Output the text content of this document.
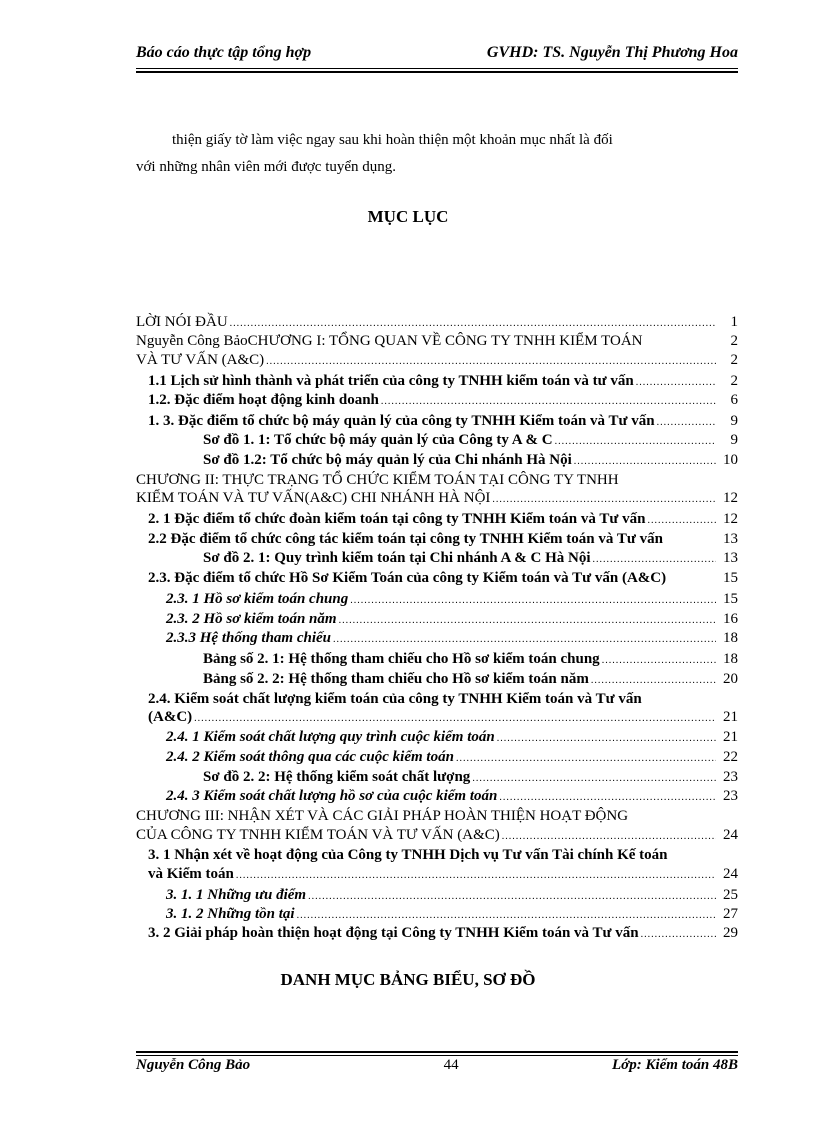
Báo cáo thực tập tổng hợp	GVHD: TS. Nguyễn Thị Phương Hoa
thiện giấy tờ làm việc ngay sau khi hoàn thiện một khoản mục nhất là đối
với những nhân viên mới được tuyển dụng.
MỤC LỤC
LỜI NÓI ĐẦU .....	1
Nguyễn Công BảoCHƯƠNG I: TỔNG QUAN VỀ CÔNG TY TNHH KIỂM TOÁN	2
VÀ TƯ VẤN (A&C) .....	2
1.1 Lịch sử hình thành và phát triển của công ty TNHH kiểm toán và tư vấn .....	2
1.2. Đặc điểm hoạt động kinh doanh .....	6
1. 3. Đặc điểm tổ chức bộ máy quản lý của công ty TNHH Kiểm toán và Tư vấn .....	9
Sơ đồ 1. 1: Tổ chức bộ máy quản lý của Công ty A & C .....	9
Sơ đồ 1.2: Tổ chức bộ máy quản lý của Chi nhánh Hà Nội .....	10
CHƯƠNG II: THỰC TRẠNG TỔ CHỨC KIỂM TOÁN TẠI CÔNG TY TNHH
KIỂM TOÁN VÀ TƯ VẤN(A&C) CHI NHÁNH HÀ NỘI .....	12
2. 1 Đặc điểm tổ chức đoàn kiểm toán tại công ty TNHH Kiểm toán và Tư vấn .....	12
2.2 Đặc điểm tổ chức công tác kiểm toán tại công ty TNHH Kiểm toán và Tư vấn	13
Sơ đồ 2. 1: Quy trình kiểm toán tại Chi nhánh A & C Hà Nội .....	13
2.3. Đặc điểm tổ chức Hồ Sơ Kiểm Toán của công ty Kiểm toán và Tư vấn (A&C)	15
2.3. 1 Hồ sơ kiểm toán chung .....	15
2.3. 2 Hồ sơ kiểm toán năm .....	16
2.3.3 Hệ thống tham chiếu .....	18
Bảng số 2. 1: Hệ thống tham chiếu cho Hồ sơ kiểm toán chung .....	18
Bảng số 2. 2: Hệ thống tham chiếu cho Hồ sơ kiểm toán năm .....	20
2.4. Kiểm soát chất lượng kiểm toán của công ty TNHH Kiểm toán và Tư vấn
(A&C) .....	21
2.4. 1 Kiểm soát chất lượng quy trình cuộc kiểm toán .....	21
2.4. 2 Kiểm soát thông qua các cuộc kiểm toán .....	22
Sơ đồ 2. 2: Hệ thống kiểm soát chất lượng .....	23
2.4. 3 Kiểm soát chất lượng hồ sơ của cuộc kiểm toán .....	23
CHƯƠNG III: NHẬN XÉT VÀ CÁC GIẢI PHÁP HOÀN THIỆN HOẠT ĐỘNG
CỦA CÔNG TY TNHH KIỂM TOÁN VÀ TƯ VẤN (A&C) .....	24
3. 1 Nhận xét về hoạt động của Công ty TNHH Dịch vụ Tư vấn Tài chính Kế toán
và Kiểm toán .....	24
3. 1. 1 Những ưu điểm .....	25
3. 1. 2 Những tồn tại .....	27
3. 2 Giải pháp hoàn thiện hoạt động tại Công ty TNHH Kiểm toán và Tư vấn .....	29
DANH MỤC BẢNG BIỂU, SƠ ĐỒ
Nguyễn Công Bảo	44	Lớp: Kiểm toán 48B
